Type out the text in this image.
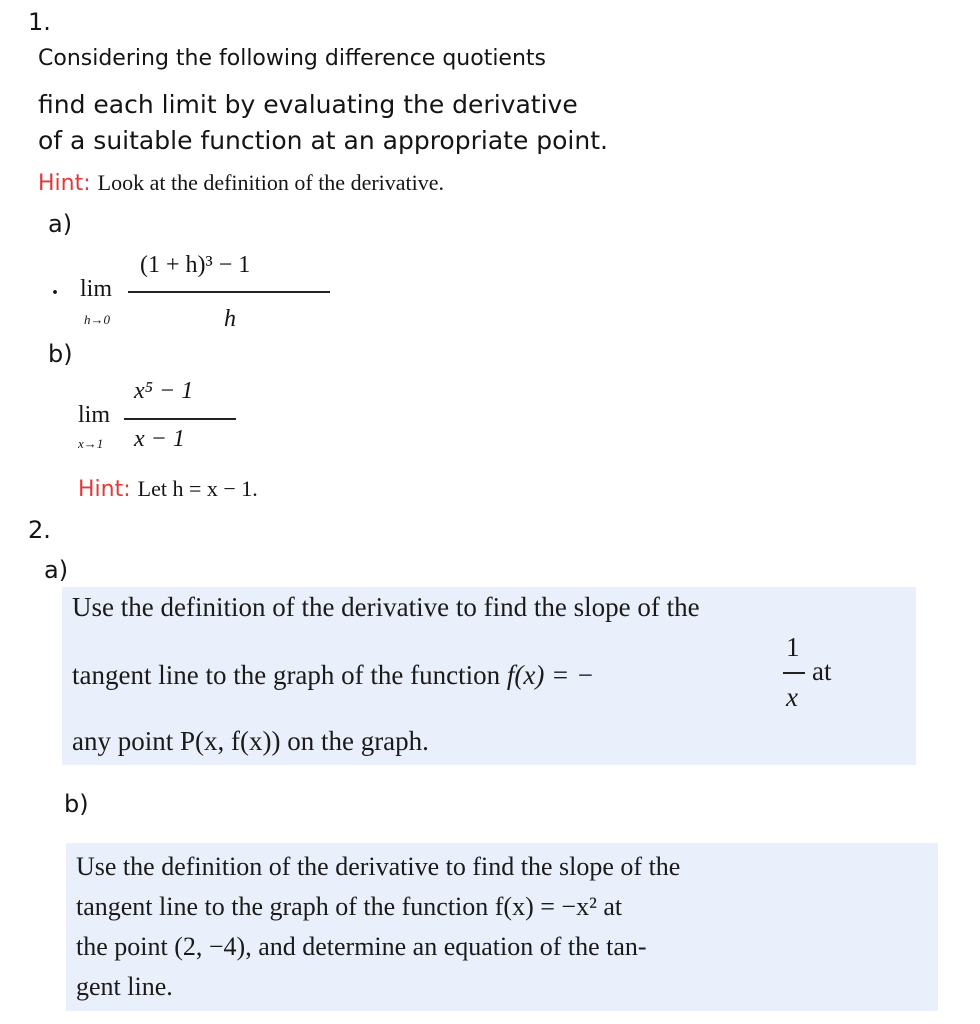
1.
Considering the following difference quotients
find each limit by evaluating the derivative
of a suitable function at an appropriate point.
Hint: Look at the definition of the derivative.
a)
. lim
h→0
(1 + h)³ − 1
h
b)
x⁵ − 1
lim
x→1 x − 1
Hint: Let h = x − 1.
2.
a)
Use the definition of the derivative to find the slope of the
tangent line to the graph of the function f(x) = −
1
x
at
any point P(x, f(x)) on the graph.
b)
Use the definition of the derivative to find the slope of the
tangent line to the graph of the function f(x) = −x² at
the point (2, −4), and determine an equation of the tan-
gent line.
